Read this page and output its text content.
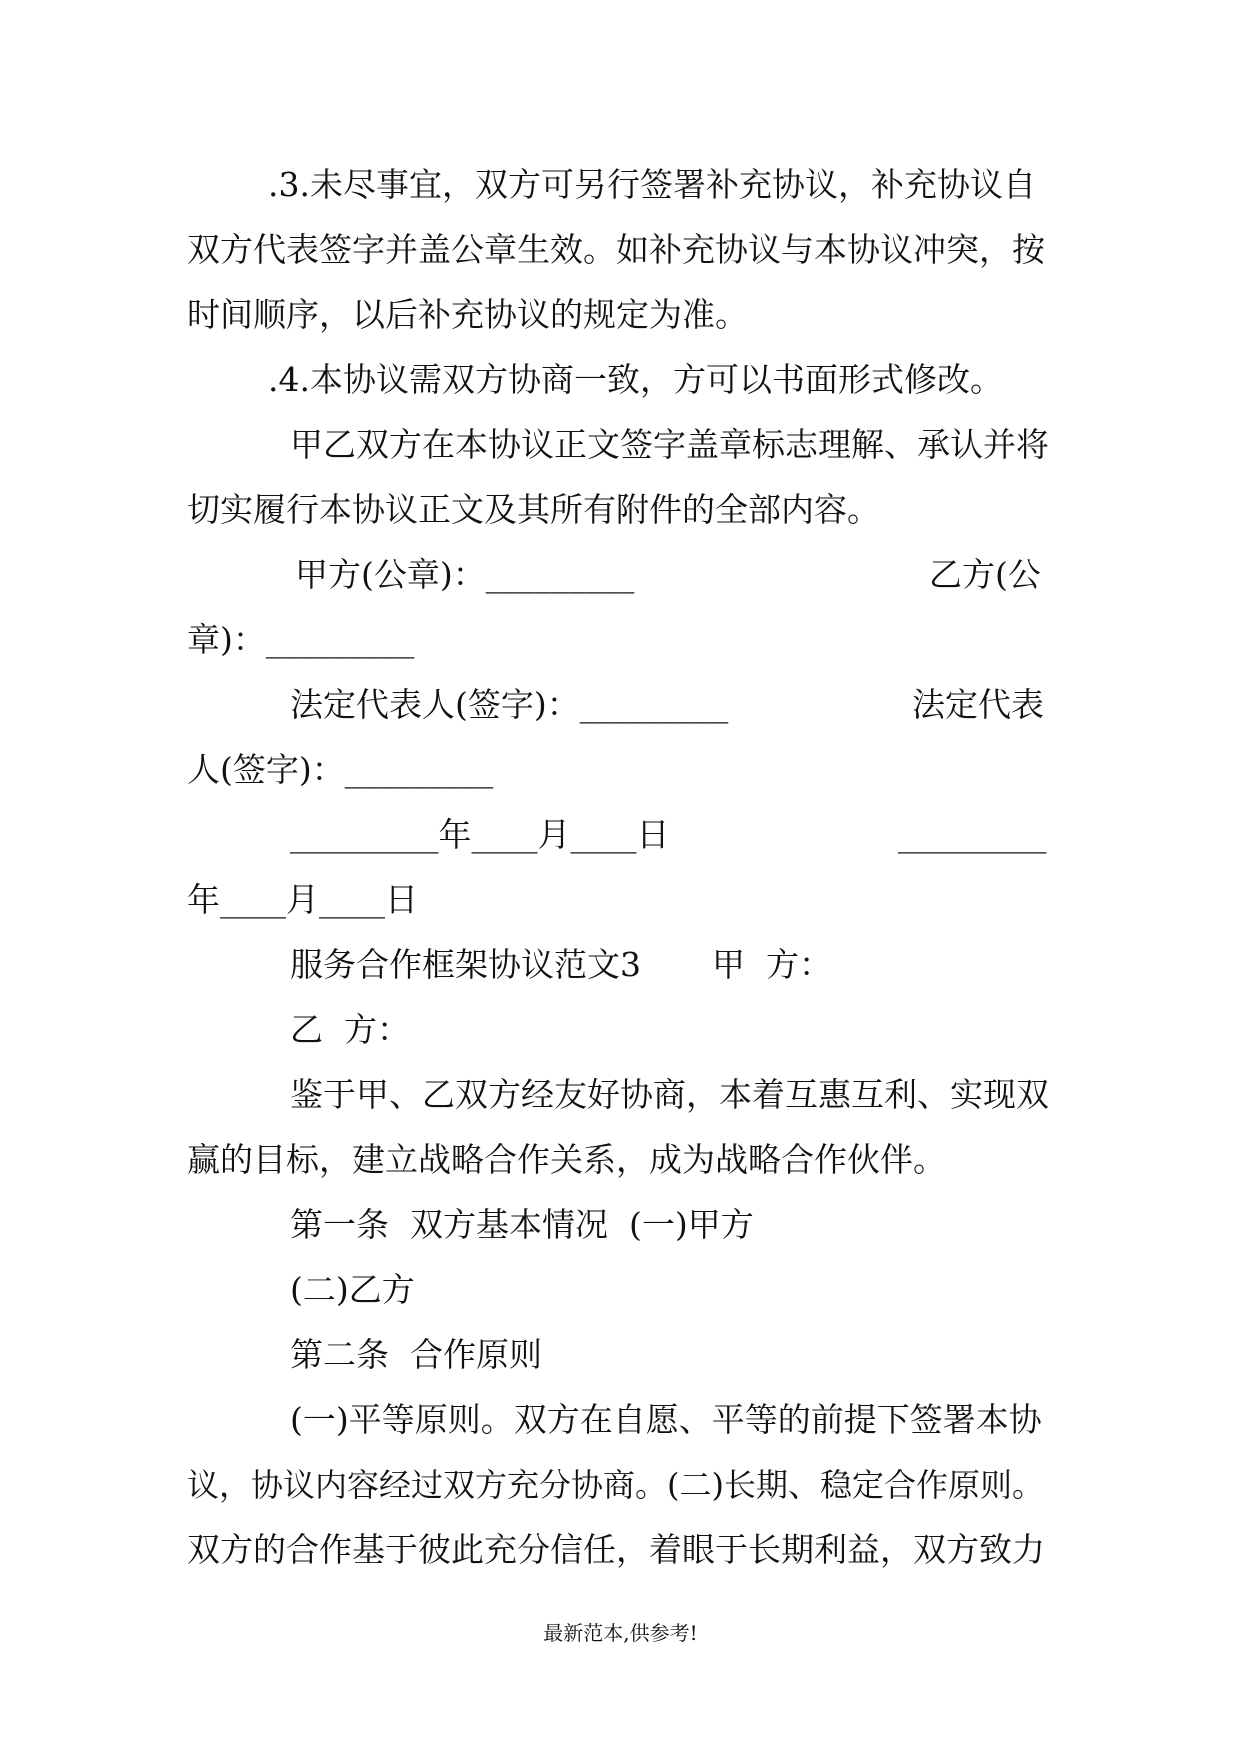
.3.未尽事宜，双方可另行签署补充协议，补充协议自
双方代表签字并盖公章生效。如补充协议与本协议冲突，按
时间顺序，以后补充协议的规定为准。
.4.本协议需双方协商一致，方可以书面形式修改。
甲乙双方在本协议正文签字盖章标志理解、承认并将
切实履行本协议正文及其所有附件的全部内容。
甲方(公章)：_________	乙方(公
章)：_________
法定代表人(签字)：_________	法定代表
人(签字)：_________
_________年____月____日	_________
年____月____日
服务合作框架协议范文3 甲  方：
乙  方：
鉴于甲、乙双方经友好协商，本着互惠互利、实现双
赢的目标，建立战略合作关系，成为战略合作伙伴。
第一条  双方基本情况  (一)甲方
(二)乙方
第二条  合作原则
(一)平等原则。双方在自愿、平等的前提下签署本协
议，协议内容经过双方充分协商。(二)长期、稳定合作原则。
双方的合作基于彼此充分信任，着眼于长期利益，双方致力
最新范本,供参考!
